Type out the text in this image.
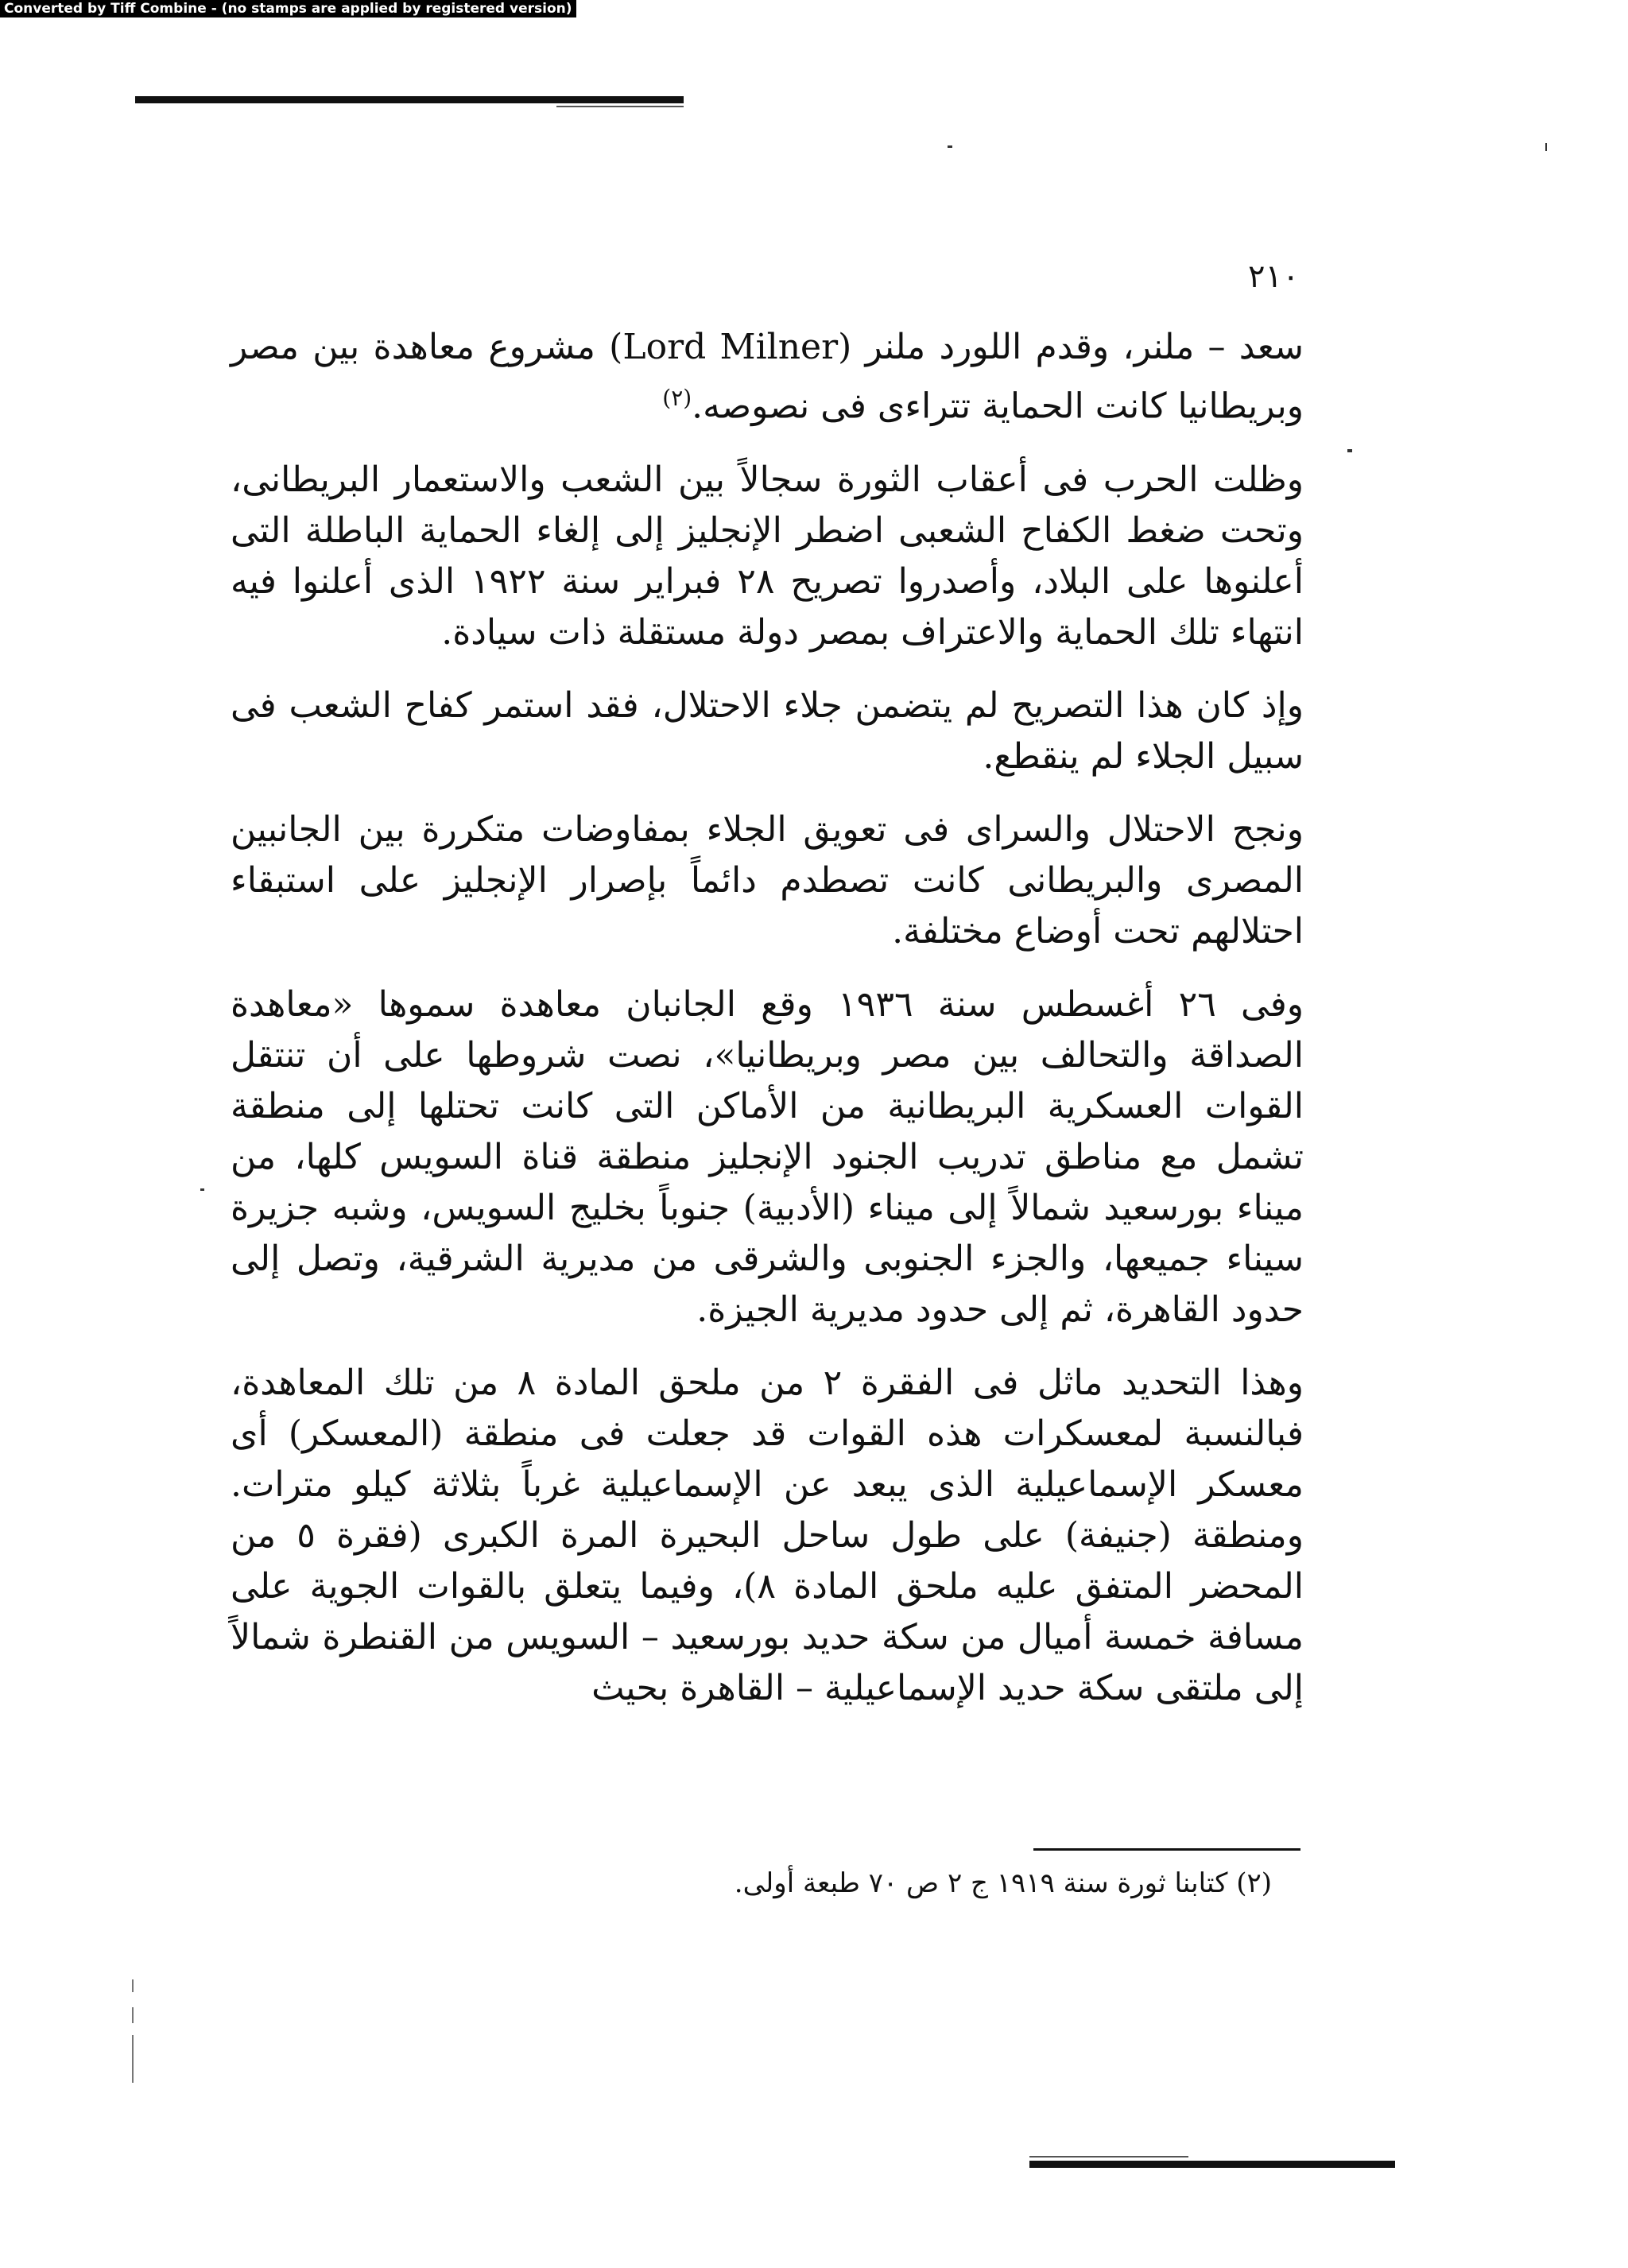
Converted by Tiff Combine - (no stamps are applied by registered version)
٢١٠

سعد – ملنر، وقدم اللورد ملنر (Lord Milner) مشروع معاهدة بين مصر وبريطانيا كانت الحماية تتراءى فى نصوصه.$^{(٢)}$

وظلت الحرب فى أعقاب الثورة سجالاً بين الشعب والاستعمار البريطانى، وتحت ضغط الكفاح الشعبى اضطر الإنجليز إلى إلغاء الحماية الباطلة التى أعلنوها على البلاد، وأصدروا تصريح ٢٨ فبراير سنة ١٩٢٢ الذى أعلنوا فيه انتهاء تلك الحماية والاعتراف بمصر دولة مستقلة ذات سيادة.

وإذ كان هذا التصريح لم يتضمن جلاء الاحتلال، فقد استمر كفاح الشعب فى سبيل الجلاء لم ينقطع.

ونجح الاحتلال والسراى فى تعويق الجلاء بمفاوضات متكررة بين الجانبين المصرى والبريطانى كانت تصطدم دائماً بإصرار الإنجليز على استبقاء احتلالهم تحت أوضاع مختلفة.

وفى ٢٦ أغسطس سنة ١٩٣٦ وقع الجانبان معاهدة سموها «معاهدة الصداقة والتحالف بين مصر وبريطانيا»، نصت شروطها على أن تنتقل القوات العسكرية البريطانية من الأماكن التى كانت تحتلها إلى منطقة تشمل مع مناطق تدريب الجنود الإنجليز منطقة قناة السويس كلها، من ميناء بورسعيد شمالاً إلى ميناء (الأدبية) جنوباً بخليج السويس، وشبه جزيرة سيناء جميعها، والجزء الجنوبى والشرقى من مديرية الشرقية، وتصل إلى حدود القاهرة، ثم إلى حدود مديرية الجيزة.

وهذا التحديد ماثل فى الفقرة ٢ من ملحق المادة ٨ من تلك المعاهدة، فبالنسبة لمعسكرات هذه القوات قد جعلت فى منطقة (المعسكر) أى معسكر الإسماعيلية الذى يبعد عن الإسماعيلية غرباً بثلاثة كيلو مترات. ومنطقة (جنيفة) على طول ساحل البحيرة المرة الكبرى (فقرة ٥ من المحضر المتفق عليه ملحق المادة ٨)، وفيما يتعلق بالقوات الجوية على مسافة خمسة أميال من سكة حديد بورسعيد – السويس من القنطرة شمالاً إلى ملتقى سكة حديد الإسماعيلية – القاهرة بحيث

(٢) كتابنا ثورة سنة ١٩١٩ ج ٢ ص ٧٠ طبعة أولى.
